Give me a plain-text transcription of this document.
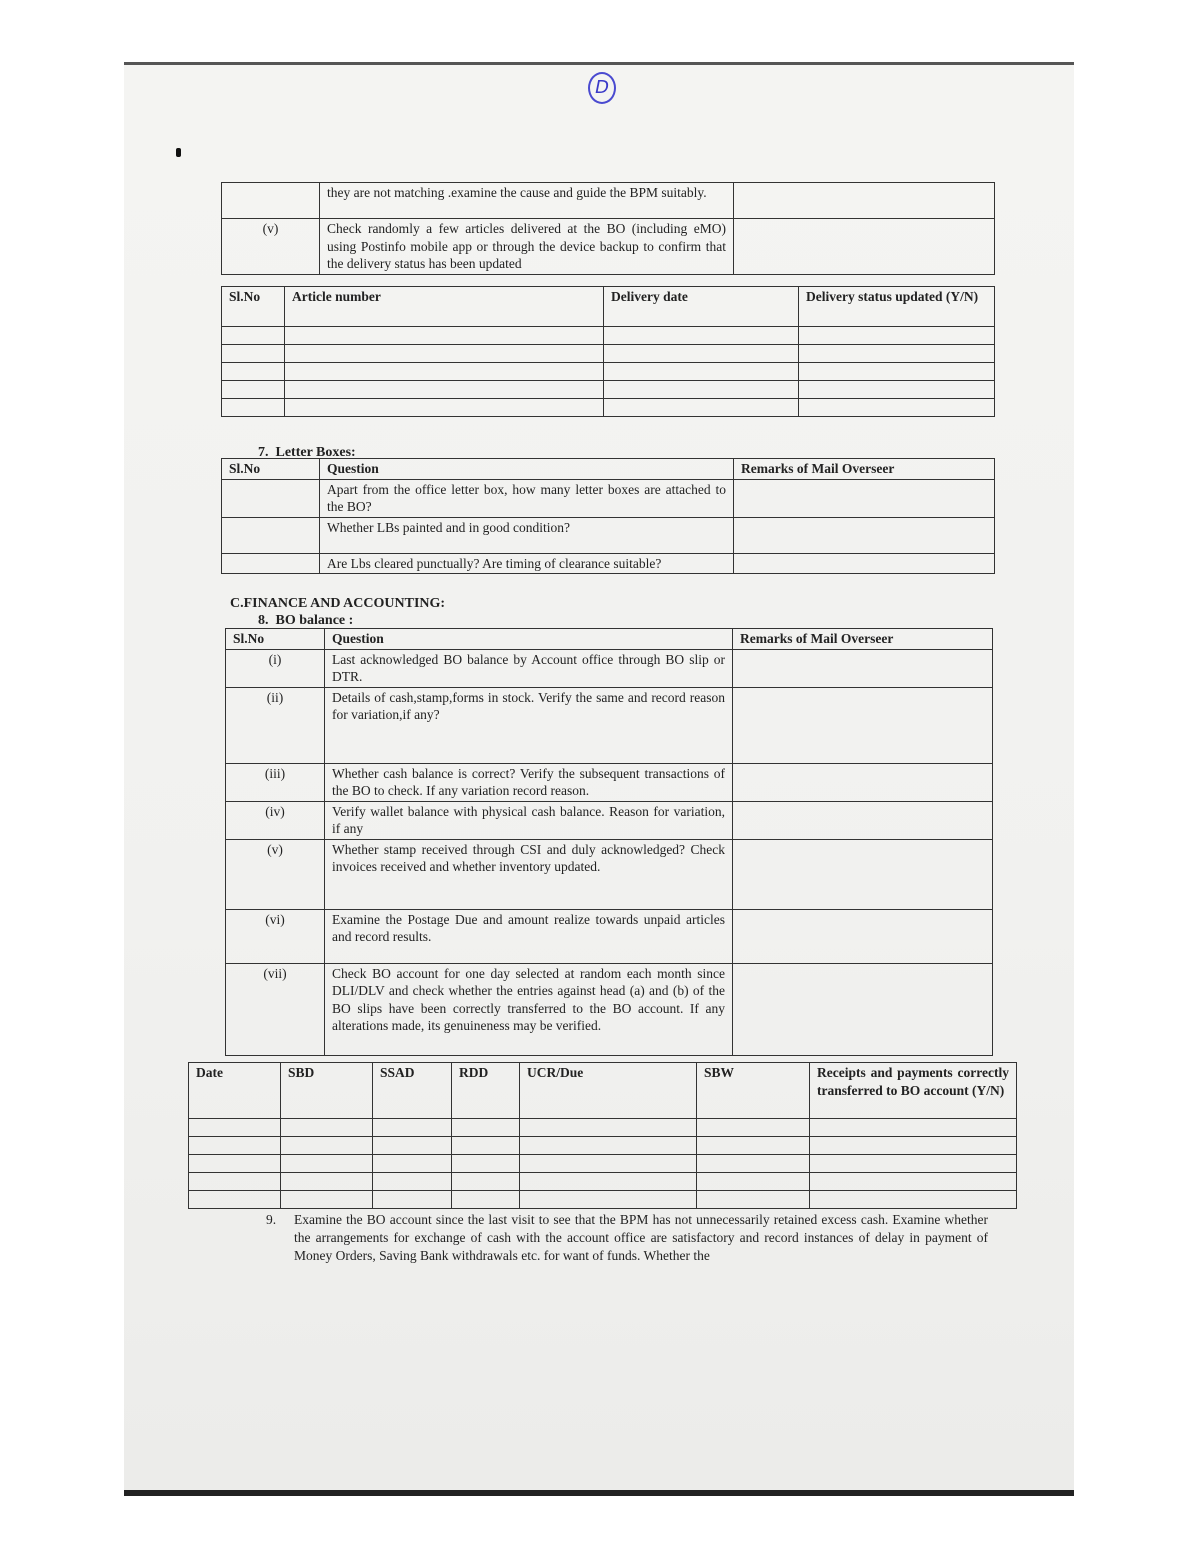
D
	they are not matching .examine the cause and guide the BPM suitably.	
(v)	Check randomly a few articles delivered at the BO (including eMO) using Postinfo mobile app or through the device backup to confirm that the delivery status has been updated	
Sl.No	Article number	Delivery date	Delivery status updated (Y/N)

7. Letter Boxes:
Sl.No	Question	Remarks of Mail Overseer
	Apart from the office letter box, how many letter boxes are attached to the BO?	
	Whether LBs painted and in good condition?	
	Are Lbs cleared punctually? Are timing of clearance suitable?	
C.FINANCE AND ACCOUNTING:
8. BO balance :
Sl.No	Question	Remarks of Mail Overseer
(i)	Last acknowledged BO balance by Account office through BO slip or DTR.	
(ii)	Details of cash,stamp,forms in stock. Verify the same and record reason for variation,if any?	
(iii)	Whether cash balance is correct? Verify the subsequent transactions of the BO to check. If any variation record reason.	
(iv)	Verify wallet balance with physical cash balance. Reason for variation, if any	
(v)	Whether stamp received through CSI and duly acknowledged? Check invoices received and whether inventory updated.	
(vi)	Examine the Postage Due and amount realize towards unpaid articles and record results.	
(vii)	Check BO account for one day selected at random each month since DLI/DLV and check whether the entries against head (a) and (b) of the BO slips have been correctly transferred to the BO account. If any alterations made, its genuineness may be verified.	
Date	SBD	SSAD	RDD	UCR/Due	SBW	Receipts and payments correctly transferred to BO account (Y/N)

9. Examine the BO account since the last visit to see that the BPM has not unnecessarily retained excess cash. Examine whether the arrangements for exchange of cash with the account office are satisfactory and record instances of delay in payment of Money Orders, Saving Bank withdrawals etc. for want of funds. Whether the
